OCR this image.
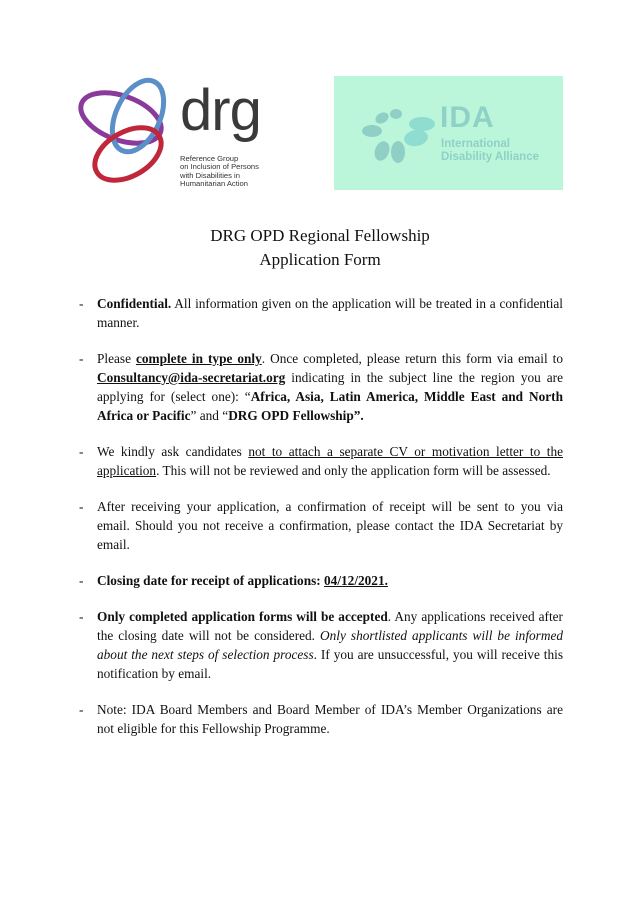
drg
Reference Group
on Inclusion of Persons
with Disabilities in
Humanitarian Action
IDA
International
Disability Alliance
DRG OPD Regional Fellowship
Application Form
- Confidential. All information given on the application will be treated in a confidential manner.
- Please complete in type only. Once completed, please return this form via email to Consultancy@ida-secretariat.org indicating in the subject line the region you are applying for (select one): “Africa, Asia, Latin America, Middle East and North Africa or Pacific” and “DRG OPD Fellowship”.
- We kindly ask candidates not to attach a separate CV or motivation letter to the application. This will not be reviewed and only the application form will be assessed.
- After receiving your application, a confirmation of receipt will be sent to you via email. Should you not receive a confirmation, please contact the IDA Secretariat by email.
- Closing date for receipt of applications: 04/12/2021.
- Only completed application forms will be accepted. Any applications received after the closing date will not be considered. Only shortlisted applicants will be informed about the next steps of selection process. If you are unsuccessful, you will receive this notification by email.
- Note: IDA Board Members and Board Member of IDA’s Member Organizations are not eligible for this Fellowship Programme.
